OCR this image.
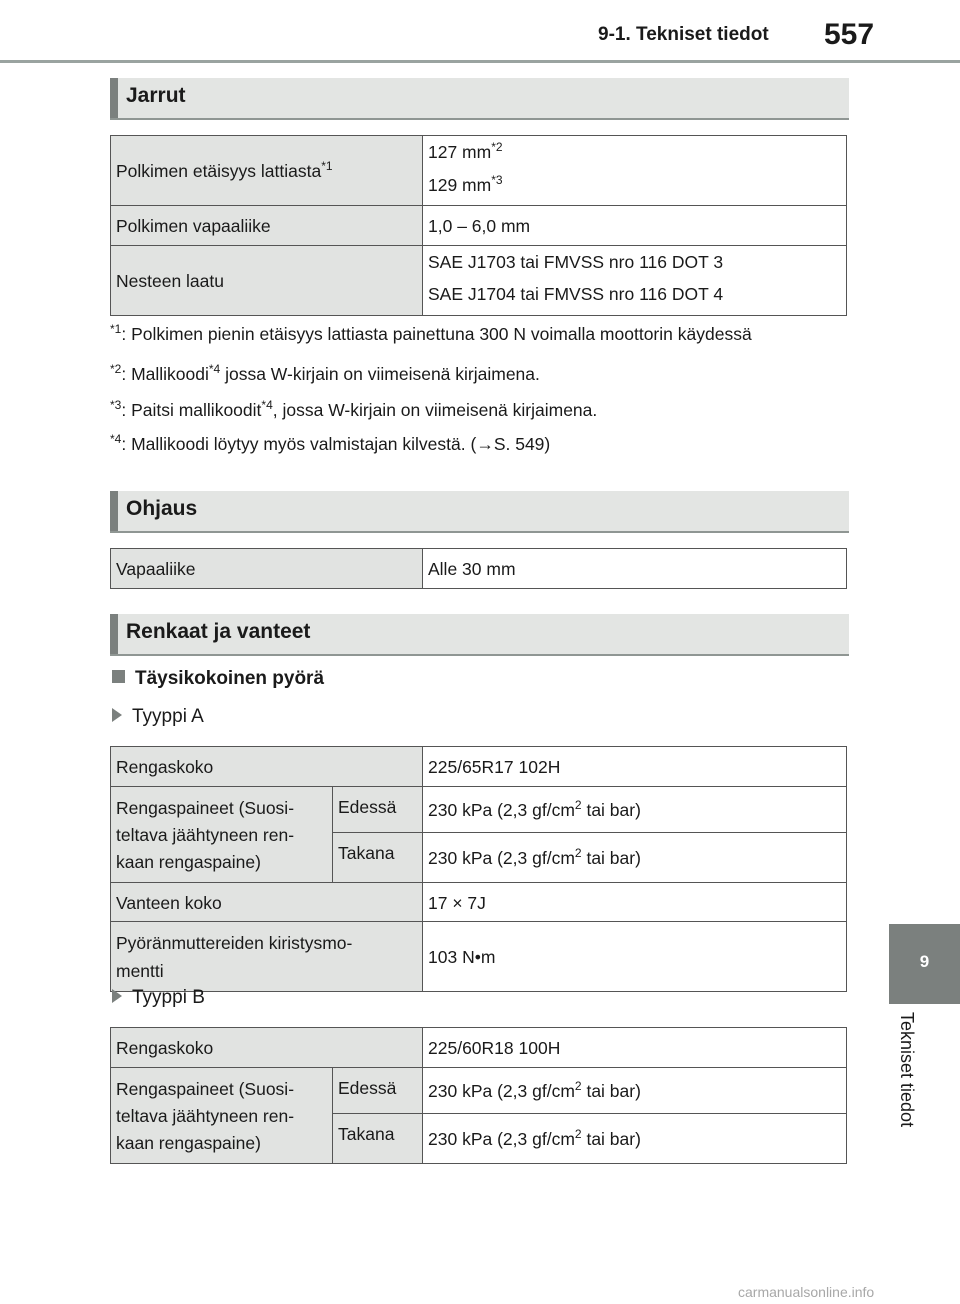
9-1. Tekniset tiedot 557
Jarrut
Polkimen etäisyys lattiasta$^{*1}$	127 $mm^{*2}$
129 $mm^{*3}$

Polkimen vapaaliike	1,0 – 6,0 mm
Nesteen laatu	SAE J1703 tai FMVSS nro 116 DOT 3
SAE J1704 tai FMVSS nro 116 DOT 4
$^{*1}$: Polkimen pienin etäisyys lattiasta painettuna 300 N voimalla moottorin käydessä
$^{*2}$: Mallikoodi$^{*4}$ jossa W-kirjain on viimeisenä kirjaimena.
$^{*3}$: Paitsi mallikoodit$^{*4}$, jossa W-kirjain on viimeisenä kirjaimena.
$^{*4}$: Mallikoodi löytyy myös valmistajan kilvestä. (→S. 549)
Ohjaus
Vapaaliike	Alle 30 mm
Renkaat ja vanteet
Täysikokoinen pyörä
Tyyppi A
Rengaskoko		225/65R17 102H

Rengaspaineet (Suosi-
teltava jäähtyneen ren-
kaan rengaspaine)	Edessä	230 kPa (2,3 $gf/cm^2$ tai bar)
	Takana	230 kPa (2,3 $gf/cm^2$ tai bar)
Vanteen koko		17 × 7J

Pyöränmuttereiden kiristysmo-
mentti		103 N•m
Tyyppi B
Rengaskoko		225/60R18 100H

Rengaspaineet (Suosi-
teltava jäähtyneen ren-
kaan rengaspaine)	Edessä	230 kPa (2,3 $gf/cm^2$ tai bar)
	Takana	230 kPa (2,3 $gf/cm^2$ tai bar)
9
Tekniset tiedot
carmanualsonline.info
